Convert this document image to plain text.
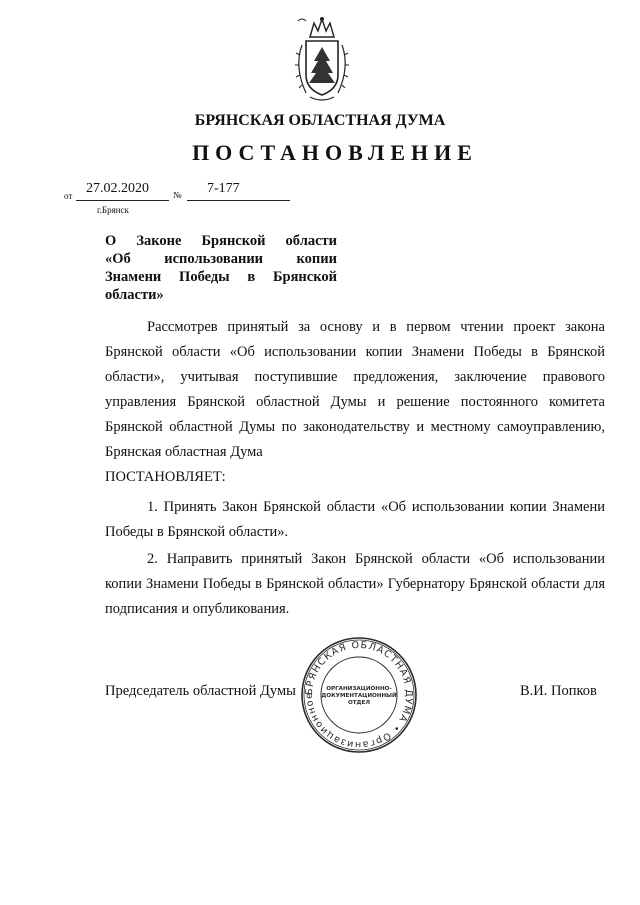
БРЯНСКАЯ ОБЛАСТНАЯ ДУМА
ПОСТАНОВЛЕНИЕ
от 27.02.2020	№ 7-177
г.Брянск
О Законе Брянской области
«Об использовании копии
Знамени Победы в Брянской
области»
Рассмотрев принятый за основу и в первом чтении проект закона Брянской области «Об использовании копии Знамени Победы в Брянской области», учитывая поступившие предложения, заключение правового управления Брянской областной Думы и решение постоянного комитета Брянской областной Думы по законодательству и местному самоуправлению, Брянская областная Дума
ПОСТАНОВЛЯЕТ:
1. Принять Закон Брянской области «Об использовании копии Знамени Победы в Брянской области».
2. Направить принятый Закон Брянской области «Об использовании копии Знамени Победы в Брянской области» Губернатору Брянской области для подписания и опубликования.
БРЯНСКАЯ ОБЛАСТНАЯ ДУМА • Организационное
ОРГАНИЗАЦИОННО-
ДОКУМЕНТАЦИОННЫЙ
ОТДЕЛ
Председатель областной Думы	В.И. Попков
